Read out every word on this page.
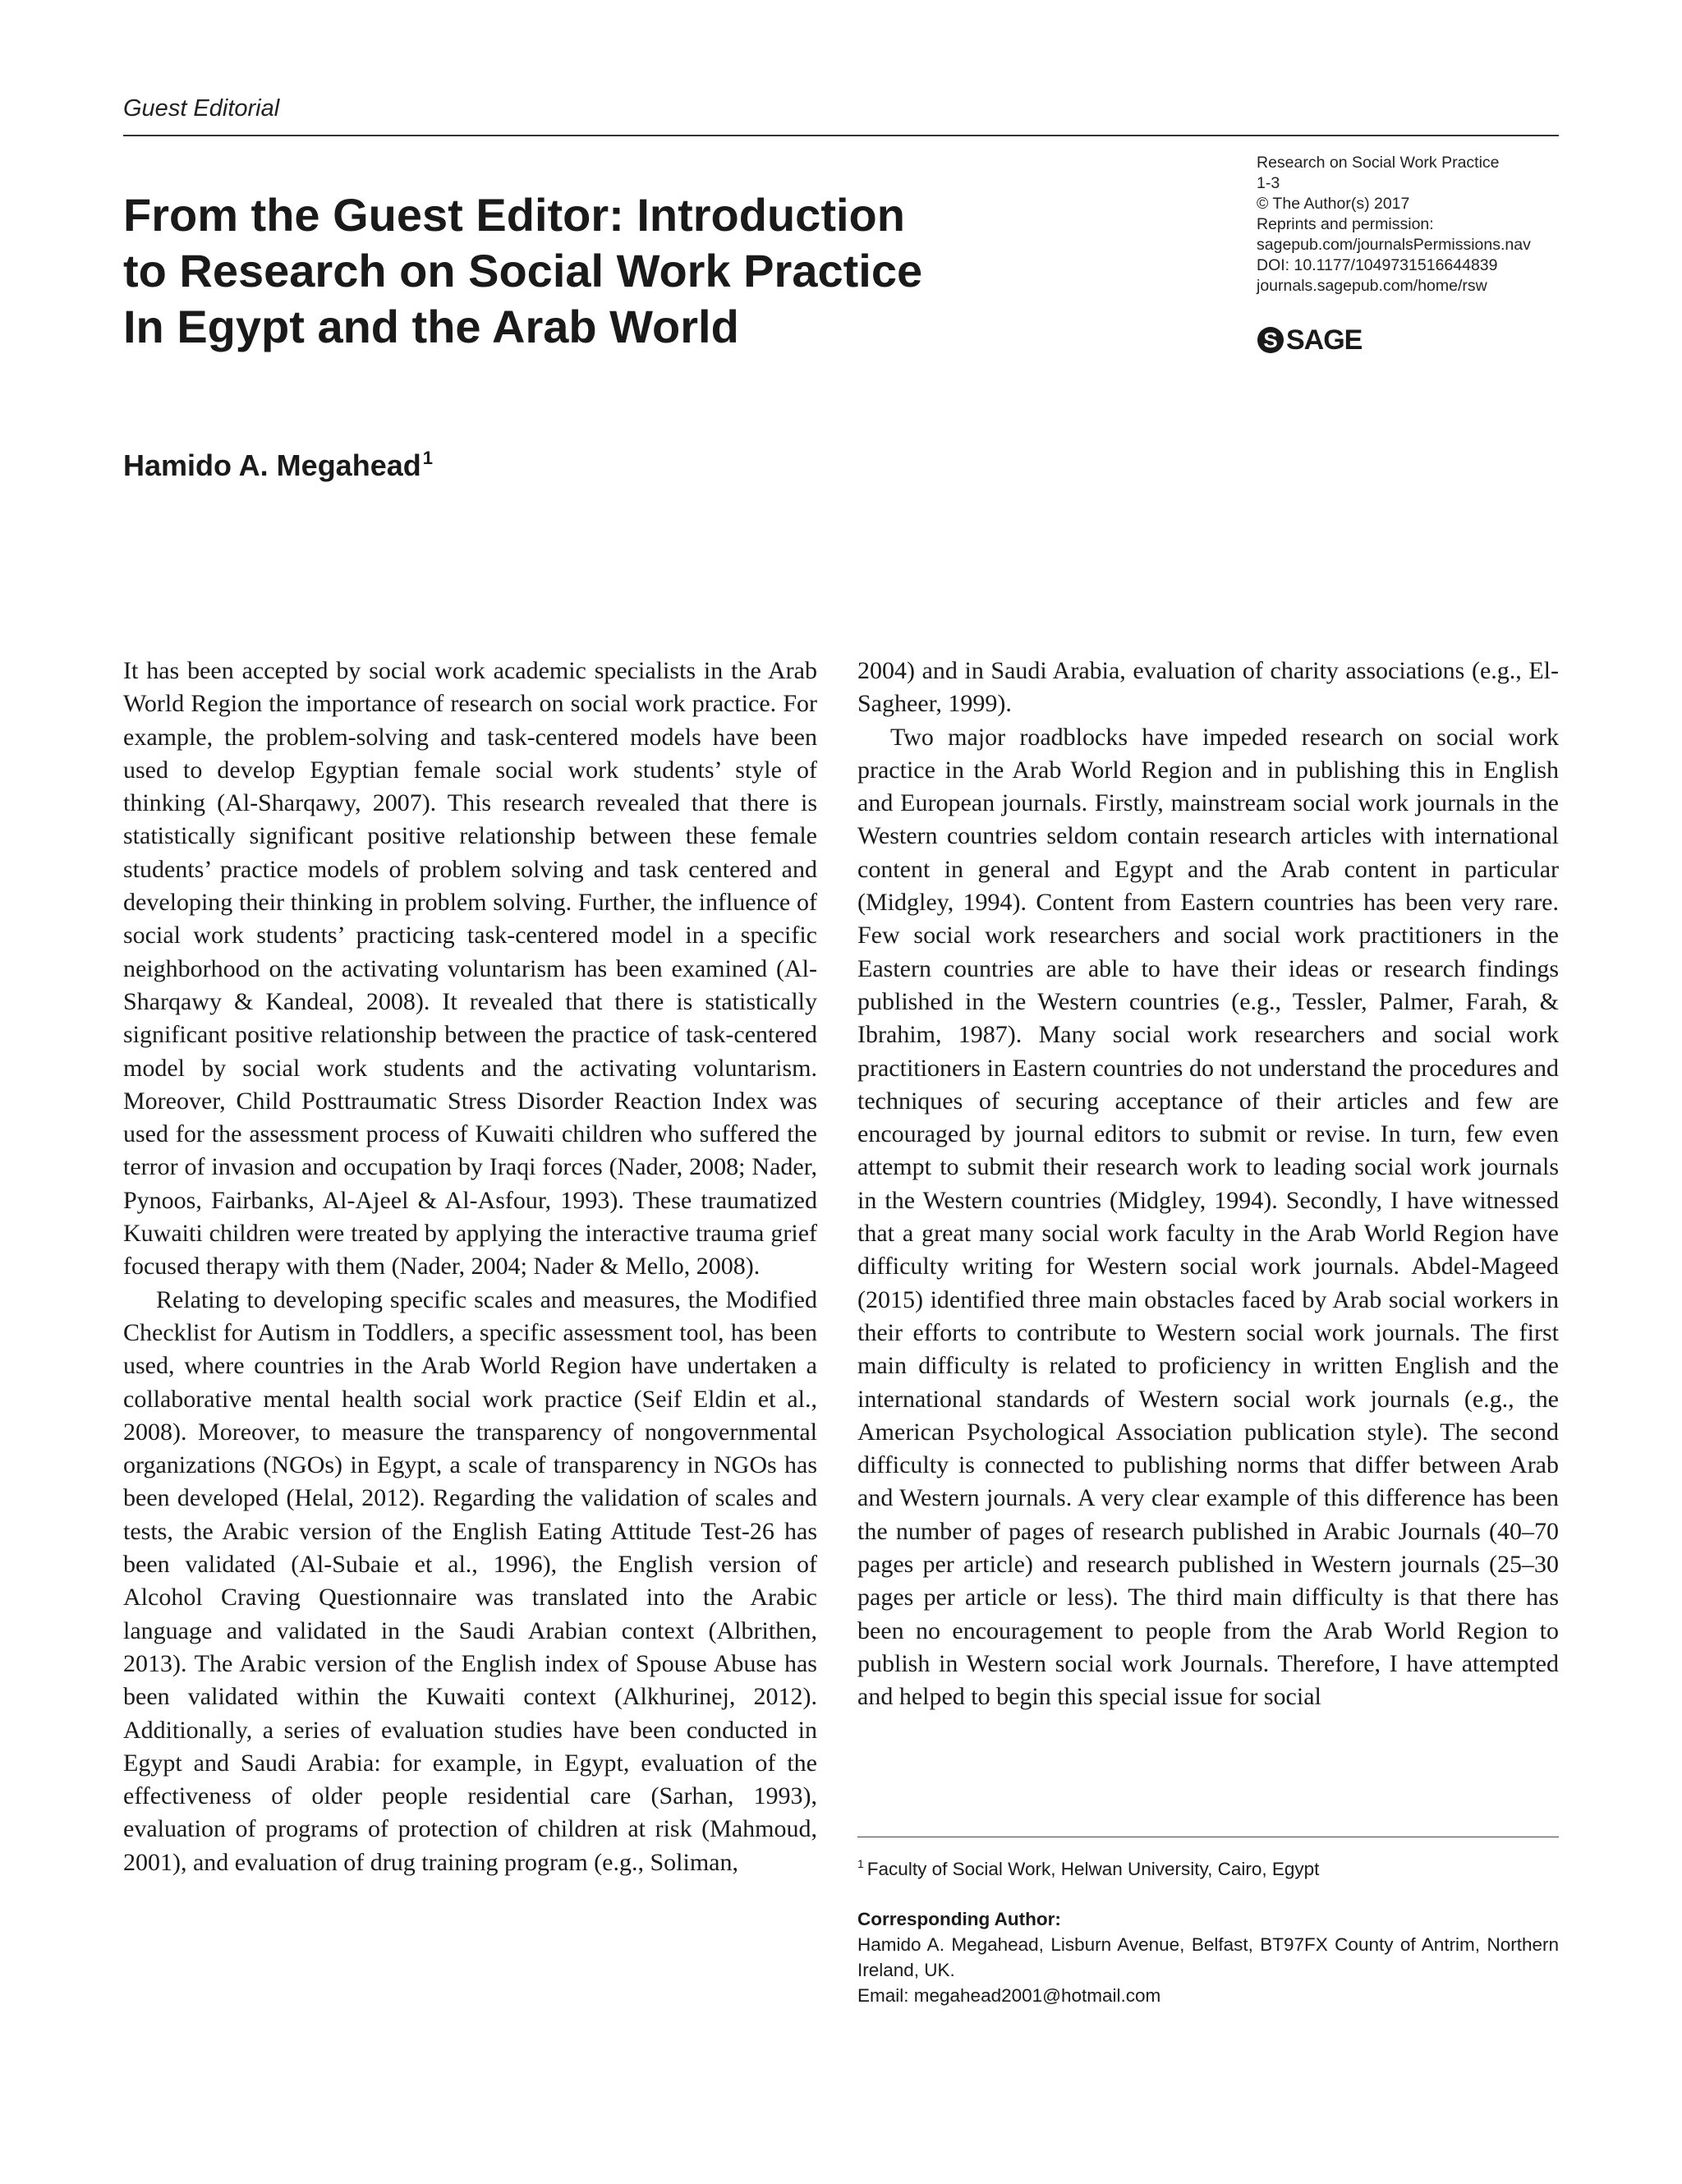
Guest Editorial
From the Guest Editor: Introduction
to Research on Social Work Practice
In Egypt and the Arab World
Research on Social Work Practice
1-3
© The Author(s) 2017
Reprints and permission:
sagepub.com/journalsPermissions.nav
DOI: 10.1177/1049731516644839
journals.sagepub.com/home/rsw
S SAGE
Hamido A. Megahead$^1$

It has been accepted by social work academic specialists in the Arab World Region the importance of research on social work practice. For example, the problem-solving and task-centered models have been used to develop Egyptian female social work students’ style of thinking (Al-Sharqawy, 2007). This research revealed that there is statistically significant positive relationship between these female students’ practice models of problem solving and task centered and developing their thinking in problem solving. Further, the influence of social work students’ practicing task-centered model in a specific neighborhood on the activating voluntarism has been examined (Al-Sharqawy & Kandeal, 2008). It revealed that there is statistically significant positive relationship between the practice of task-centered model by social work students and the activating voluntarism. Moreover, Child Posttraumatic Stress Disorder Reaction Index was used for the assessment process of Kuwaiti children who suffered the terror of invasion and occupation by Iraqi forces (Nader, 2008; Nader, Pynoos, Fairbanks, Al-Ajeel & Al-Asfour, 1993). These traumatized Kuwaiti children were treated by applying the interactive trauma grief focused therapy with them (Nader, 2004; Nader & Mello, 2008).

Relating to developing specific scales and measures, the Modified Checklist for Autism in Toddlers, a specific assessment tool, has been used, where countries in the Arab World Region have undertaken a collaborative mental health social work practice (Seif Eldin et al., 2008). Moreover, to measure the transparency of nongovernmental organizations (NGOs) in Egypt, a scale of transparency in NGOs has been developed (Helal, 2012). Regarding the validation of scales and tests, the Arabic version of the English Eating Attitude Test-26 has been validated (Al-Subaie et al., 1996), the English version of Alcohol Craving Questionnaire was translated into the Arabic language and validated in the Saudi Arabian context (Albrithen, 2013). The Arabic version of the English index of Spouse Abuse has been validated within the Kuwaiti context (Alkhurinej, 2012). Additionally, a series of evaluation studies have been conducted in Egypt and Saudi Arabia: for example, in Egypt, evaluation of the effectiveness of older people residential care (Sarhan, 1993), evaluation of programs of protection of children at risk (Mahmoud, 2001), and evaluation of drug training program (e.g., Soliman,

2004) and in Saudi Arabia, evaluation of charity associations (e.g., El-Sagheer, 1999).

Two major roadblocks have impeded research on social work practice in the Arab World Region and in publishing this in English and European journals. Firstly, mainstream social work journals in the Western countries seldom contain research articles with international content in general and Egypt and the Arab content in particular (Midgley, 1994). Content from Eastern countries has been very rare. Few social work researchers and social work practitioners in the Eastern countries are able to have their ideas or research findings published in the Western countries (e.g., Tessler, Palmer, Farah, & Ibrahim, 1987). Many social work researchers and social work practitioners in Eastern countries do not understand the procedures and techniques of securing acceptance of their articles and few are encouraged by journal editors to submit or revise. In turn, few even attempt to submit their research work to leading social work journals in the Western countries (Midgley, 1994). Secondly, I have witnessed that a great many social work faculty in the Arab World Region have difficulty writing for Western social work journals. Abdel-Mageed (2015) identified three main obstacles faced by Arab social workers in their efforts to contribute to Western social work journals. The first main difficulty is related to proficiency in written English and the international standards of Western social work journals (e.g., the American Psychological Association publication style). The second difficulty is connected to publishing norms that differ between Arab and Western journals. A very clear example of this difference has been the number of pages of research published in Arabic Journals (40–70 pages per article) and research published in Western journals (25–30 pages per article or less). The third main difficulty is that there has been no encouragement to people from the Arab World Region to publish in Western social work Journals. Therefore, I have attempted and helped to begin this special issue for social

$^1$ Faculty of Social Work, Helwan University, Cairo, Egypt
Corresponding Author:
Hamido A. Megahead, Lisburn Avenue, Belfast, BT97FX County of Antrim, Northern Ireland, UK.
Email: megahead2001@hotmail.com
